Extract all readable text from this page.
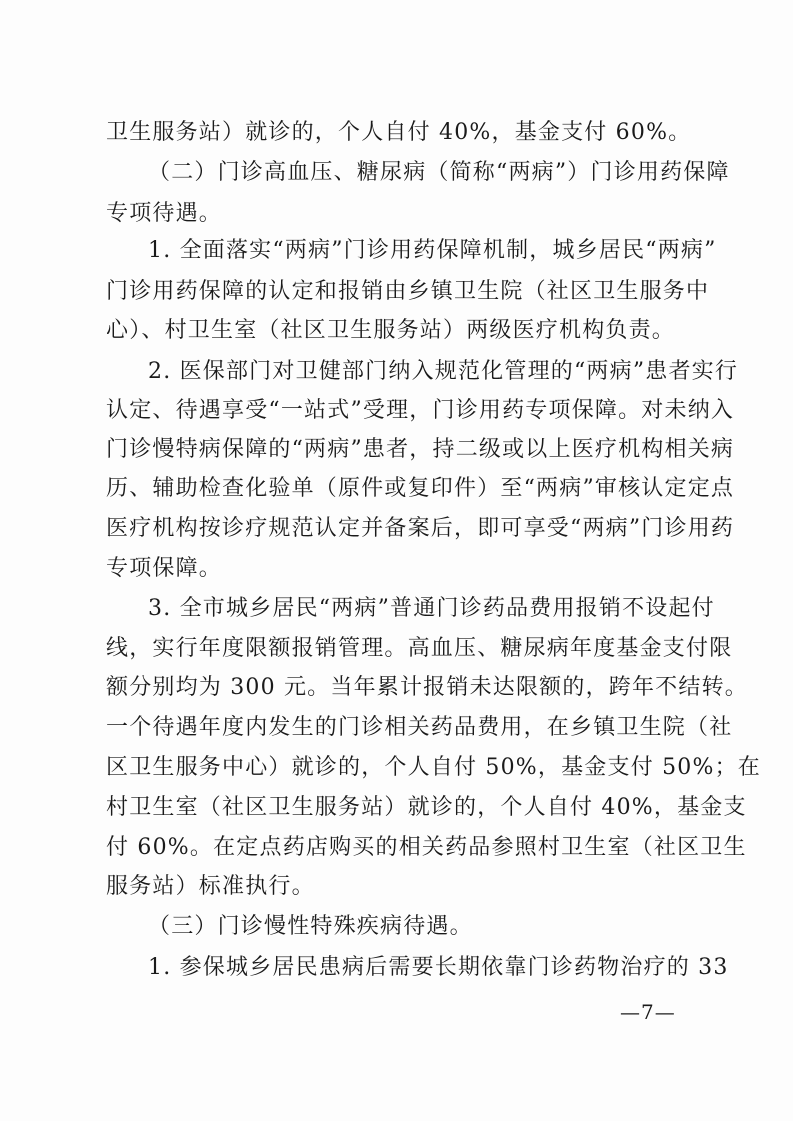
卫生服务站）就诊的，个人自付 40%，基金支付 60%。
（二）门诊高血压、糖尿病（简称“两病”）门诊用药保障
专项待遇。
1. 全面落实“两病”门诊用药保障机制，城乡居民“两病”
门诊用药保障的认定和报销由乡镇卫生院（社区卫生服务中
心）、村卫生室（社区卫生服务站）两级医疗机构负责。
2. 医保部门对卫健部门纳入规范化管理的“两病”患者实行
认定、待遇享受“一站式”受理，门诊用药专项保障。对未纳入
门诊慢特病保障的“两病”患者，持二级或以上医疗机构相关病
历、辅助检查化验单（原件或复印件）至“两病”审核认定定点
医疗机构按诊疗规范认定并备案后，即可享受“两病”门诊用药
专项保障。
3. 全市城乡居民“两病”普通门诊药品费用报销不设起付
线，实行年度限额报销管理。高血压、糖尿病年度基金支付限
额分别均为 300 元。当年累计报销未达限额的，跨年不结转。
一个待遇年度内发生的门诊相关药品费用，在乡镇卫生院（社
区卫生服务中心）就诊的，个人自付 50%，基金支付 50%；在
村卫生室（社区卫生服务站）就诊的，个人自付 40%，基金支
付 60%。在定点药店购买的相关药品参照村卫生室（社区卫生
服务站）标准执行。
（三）门诊慢性特殊疾病待遇。
1. 参保城乡居民患病后需要长期依靠门诊药物治疗的 33
—7—
